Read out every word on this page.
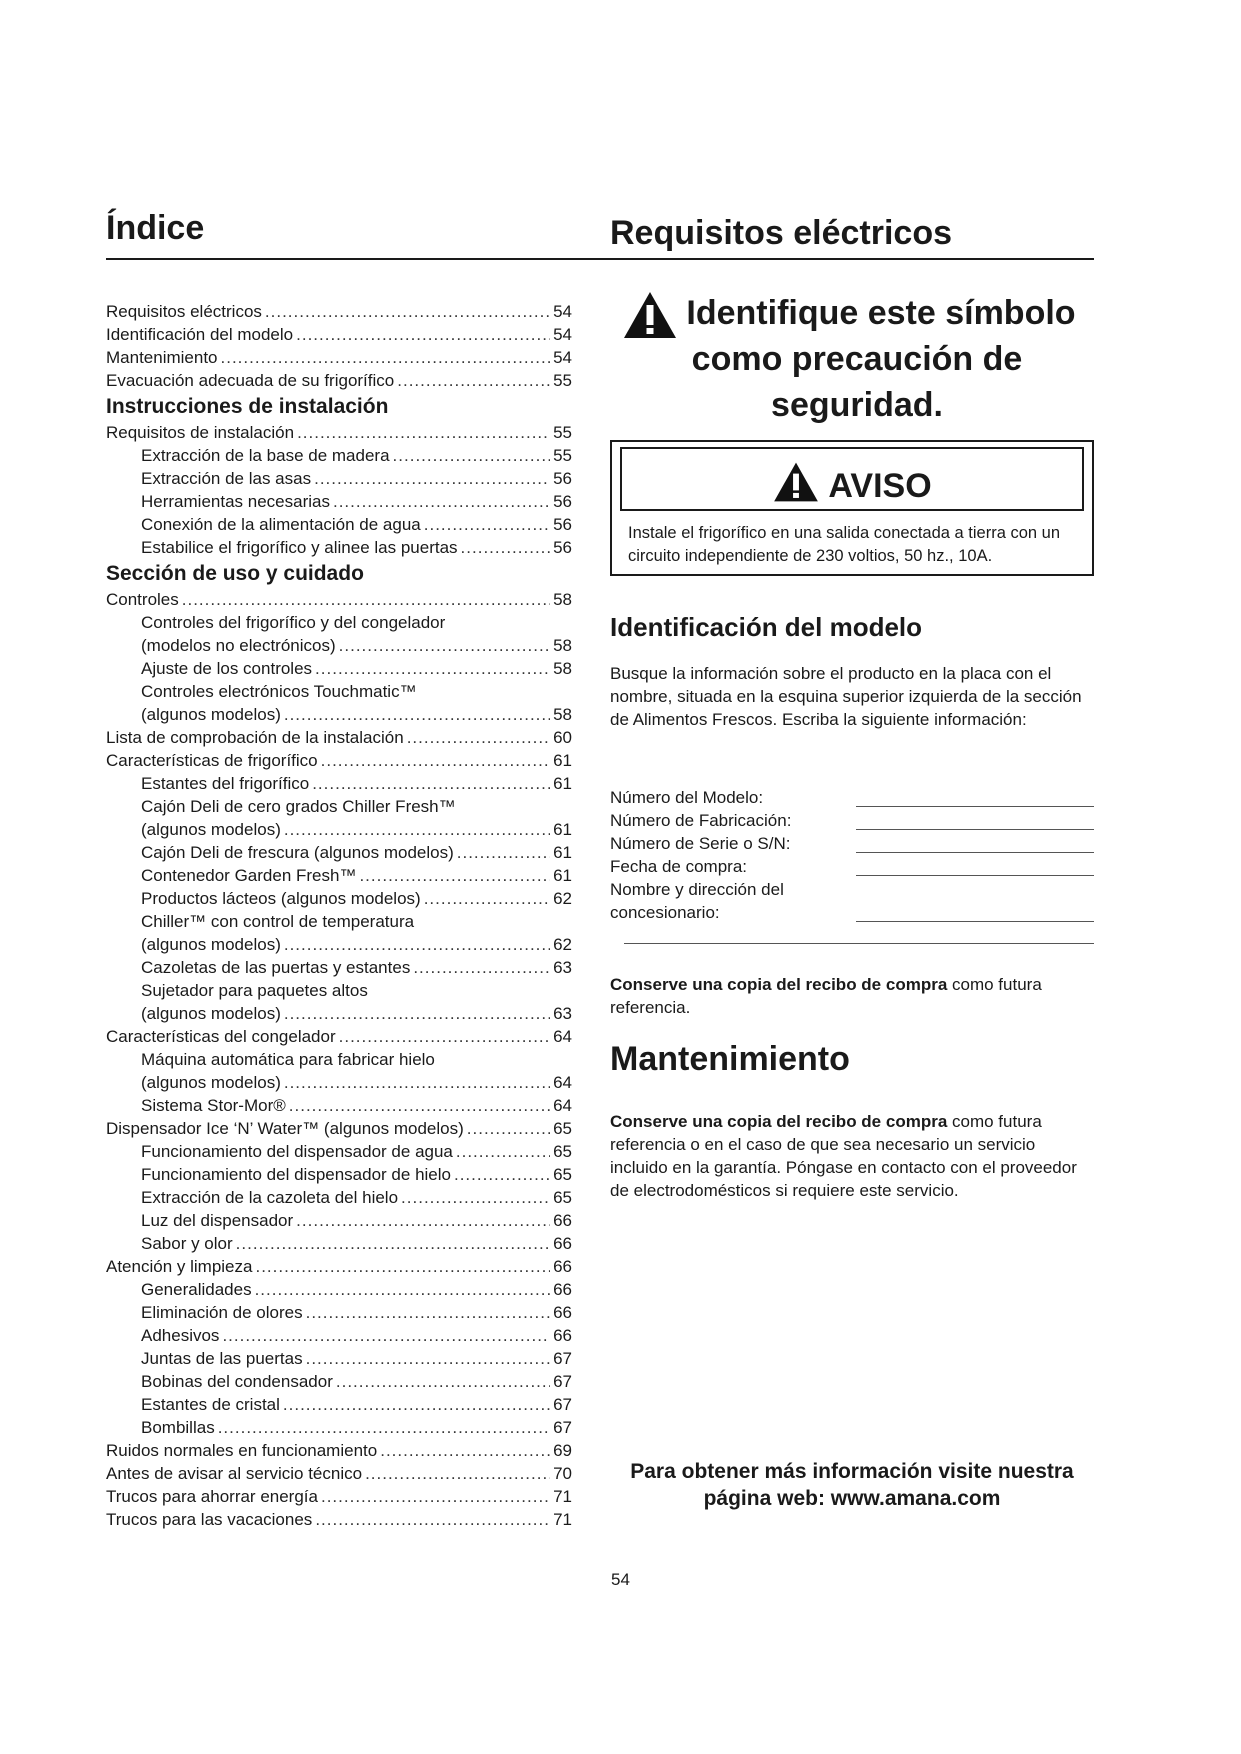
Índice	Requisitos eléctricos
Requisitos eléctricos .....	54
Identificación del modelo .....	54
Mantenimiento .....	54
Evacuación adecuada de su frigorífico .....	55
Instrucciones de instalación
Requisitos de instalación .....	55
Extracción de la base de madera .....	55
Extracción de las asas .....	56
Herramientas necesarias .....	56
Conexión de la alimentación de agua .....	56
Estabilice el frigorífico y alinee las puertas .....	56
Sección de uso y cuidado
Controles .....	58
Controles del frigorífico y del congelador
(modelos no electrónicos) .....	58
Ajuste de los controles .....	58
Controles electrónicos Touchmatic™
(algunos modelos) .....	58
Lista de comprobación de la instalación .....	60
Características de frigorífico .....	61
Estantes del frigorífico .....	61
Cajón Deli de cero grados Chiller Fresh™
(algunos modelos) .....	61
Cajón Deli de frescura (algunos modelos) .....	61
Contenedor Garden Fresh™ .....	61
Productos lácteos (algunos modelos) .....	62
Chiller™ con control de temperatura
(algunos modelos) .....	62
Cazoletas de las puertas y estantes .....	63
Sujetador para paquetes altos
(algunos modelos) .....	63
Características del congelador .....	64
Máquina automática para fabricar hielo
(algunos modelos) .....	64
Sistema Stor-Mor® .....	64
Dispensador Ice ‘N’ Water™ (algunos modelos) .....	65
Funcionamiento del dispensador de agua .....	65
Funcionamiento del dispensador de hielo .....	65
Extracción de la cazoleta del hielo .....	65
Luz del dispensador .....	66
Sabor y olor .....	66
Atención y limpieza .....	66
Generalidades .....	66
Eliminación de olores .....	66
Adhesivos .....	66
Juntas de las puertas .....	67
Bobinas del condensador .....	67
Estantes de cristal .....	67
Bombillas .....	67
Ruidos normales en funcionamiento .....	69
Antes de avisar al servicio técnico .....	70
Trucos para ahorrar energía .....	71
Trucos para las vacaciones .....	71
Identifique este símbolo
como precaución de
seguridad.
AVISO
Instale el frigorífico en una salida conectada a tierra con un circuito independiente de 230 voltios, 50 hz., 10A.
Identificación del modelo
Busque la información sobre el producto en la placa con el nombre, situada en la esquina superior izquierda de la sección de Alimentos Frescos. Escriba la siguiente información:
Número del Modelo:
Número de Fabricación:
Número de Serie o S/N:
Fecha de compra:
Nombre y dirección del
concesionario:
Conserve una copia del recibo de compra como futura referencia.
Mantenimiento
Conserve una copia del recibo de compra como futura referencia o en el caso de que sea necesario un servicio incluido en la garantía. Póngase en contacto con el proveedor de electrodomésticos si requiere este servicio.
Para obtener más información visite nuestra
página web: www.amana.com
54
